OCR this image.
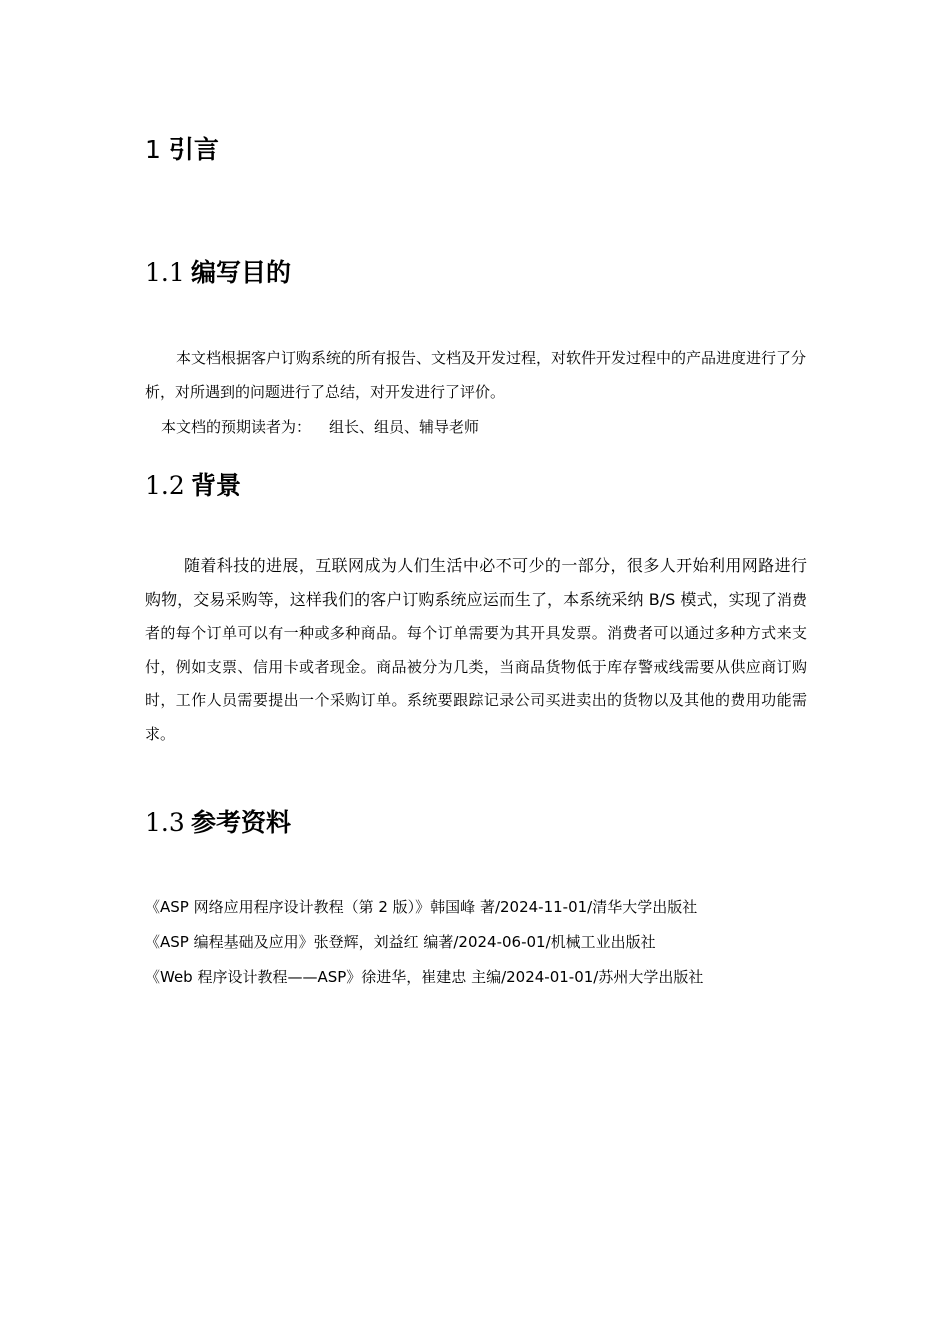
1 引言
1.1 编写目的
本文档根据客户订购系统的所有报告、文档及开发过程，对软件开发过程中的产品进度进行了分析，对所遇到的问题进行了总结，对开发进行了评价。
本文档的预期读者为： 组长、组员、辅导老师
1.2 背景
随着科技的进展，互联网成为人们生活中必不可少的一部分，很多人开始利用网路进行购物，交易采购等，这样我们的客户订购系统应运而生了，本系统采纳 B/S 模式，实现了消费者的每个订单可以有一种或多种商品。每个订单需要为其开具发票。消费者可以通过多种方式来支付，例如支票、信用卡或者现金。商品被分为几类，当商品货物低于库存警戒线需要从供应商订购时，工作人员需要提出一个采购订单。系统要跟踪记录公司买进卖出的货物以及其他的费用功能需求。
1.3 参考资料
《ASP 网络应用程序设计教程（第 2 版）》韩国峰 著/2024-11-01/清华大学出版社
《ASP 编程基础及应用》张登辉，刘益红 编著/2024-06-01/机械工业出版社
《Web 程序设计教程——ASP》徐进华，崔建忠 主编/2024-01-01/苏州大学出版社
